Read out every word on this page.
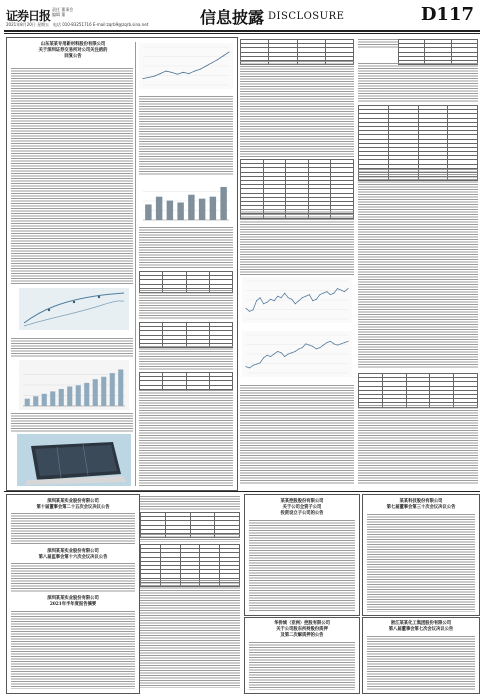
证券日报 责任 董事会
编辑 董
2021年8月20日 星期五 电话 010-83251716 E-mail:zqrb9@zqrb.sina.net	信息披露 DISCLOSURE	D117
山东某某专用新材料股份有限公司
关于深圳证券交易所对公司关注函的
回复公告

深圳某某实业股份有限公司
第十届董事会第二十五次会议决议公告
深圳某某实业股份有限公司
第八届监事会第十六次会议决议公告
深圳某某实业股份有限公司
2021年半年度报告摘要

某某控股股份有限公司
关于公司全资子公司
投资设立子公司的公告
华侨城（亚洲）控股有限公司
关于公司股东所持股份质押
及第二次解质押的公告
某某科技股份有限公司
第七届董事会第三十次会议决议公告
浙江某某化工集团股份有限公司
第八届董事会第七次会议决议公告
